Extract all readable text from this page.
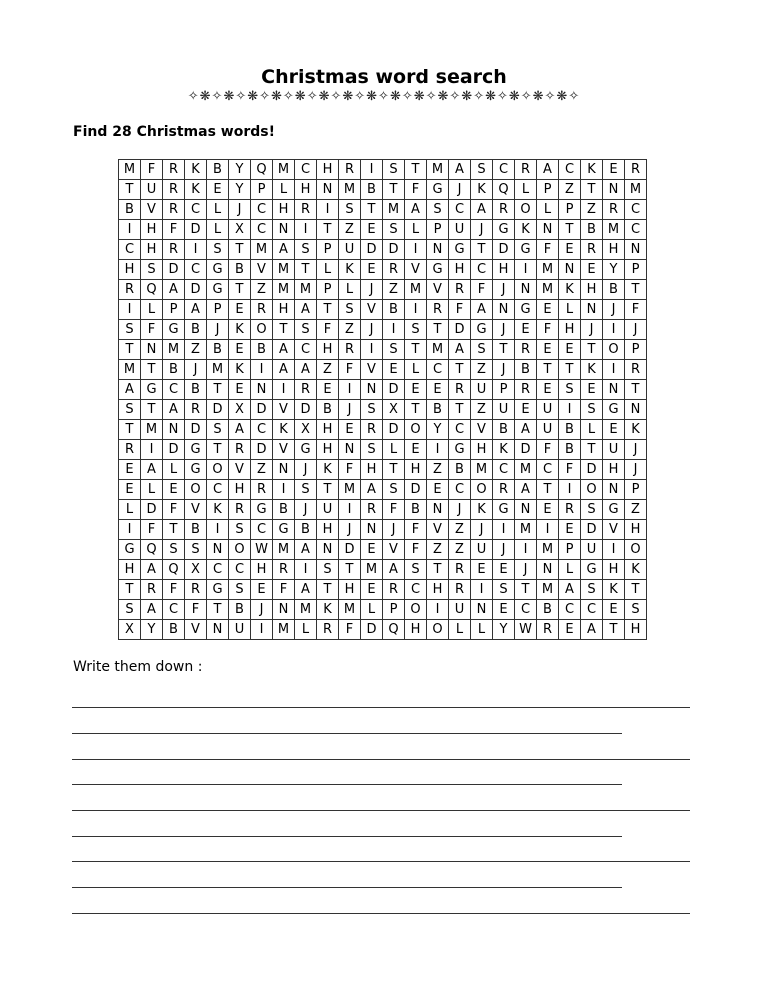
Christmas word search
✧❋✧❋✧❋✧❋✧❋✧❋✧❋✧❋✧❋✧❋✧❋✧❋✧❋✧❋✧❋✧❋✧
Find 28 Christmas words!
M	F	R	K	B	Y	Q	M	C	H	R	I	S	T	M	A	S	C	R	A	C	K	E	R
T	U	R	K	E	Y	P	L	H	N	M	B	T	F	G	J	K	Q	L	P	Z	T	N	M
B	V	R	C	L	J	C	H	R	I	S	T	M	A	S	C	A	R	O	L	P	Z	R	C
I	H	F	D	L	X	C	N	I	T	Z	E	S	L	P	U	J	G	K	N	T	B	M	C
C	H	R	I	S	T	M	A	S	P	U	D	D	I	N	G	T	D	G	F	E	R	H	N
H	S	D	C	G	B	V	M	T	L	K	E	R	V	G	H	C	H	I	M	N	E	Y	P
R	Q	A	D	G	T	Z	M	M	P	L	J	Z	M	V	R	F	J	N	M	K	H	B	T
I	L	P	A	P	E	R	H	A	T	S	V	B	I	R	F	A	N	G	E	L	N	J	F
S	F	G	B	J	K	O	T	S	F	Z	J	I	S	T	D	G	J	E	F	H	J	I	J
T	N	M	Z	B	E	B	A	C	H	R	I	S	T	M	A	S	T	R	E	E	T	O	P
M	T	B	J	M	K	I	A	A	Z	F	V	E	L	C	T	Z	J	B	T	T	K	I	R
A	G	C	B	T	E	N	I	R	E	I	N	D	E	E	R	U	P	R	E	S	E	N	T
S	T	A	R	D	X	D	V	D	B	J	S	X	T	B	T	Z	U	E	U	I	S	G	N
T	M	N	D	S	A	C	K	X	H	E	R	D	O	Y	C	V	B	A	U	B	L	E	K
R	I	D	G	T	R	D	V	G	H	N	S	L	E	I	G	H	K	D	F	B	T	U	J
E	A	L	G	O	V	Z	N	J	K	F	H	T	H	Z	B	M	C	M	C	F	D	H	J
E	L	E	O	C	H	R	I	S	T	M	A	S	D	E	C	O	R	A	T	I	O	N	P
L	D	F	V	K	R	G	B	J	U	I	R	F	B	N	J	K	G	N	E	R	S	G	Z
I	F	T	B	I	S	C	G	B	H	J	N	J	F	V	Z	J	I	M	I	E	D	V	H
G	Q	S	S	N	O	W	M	A	N	D	E	V	F	Z	Z	U	J	I	M	P	U	I	O
H	A	Q	X	C	C	H	R	I	S	T	M	A	S	T	R	E	E	J	N	L	G	H	K
T	R	F	R	G	S	E	F	A	T	H	E	R	C	H	R	I	S	T	M	A	S	K	T
S	A	C	F	T	B	J	N	M	K	M	L	P	O	I	U	N	E	C	B	C	C	E	S
X	Y	B	V	N	U	I	M	L	R	F	D	Q	H	O	L	L	Y	W	R	E	A	T	H
Write them down :
